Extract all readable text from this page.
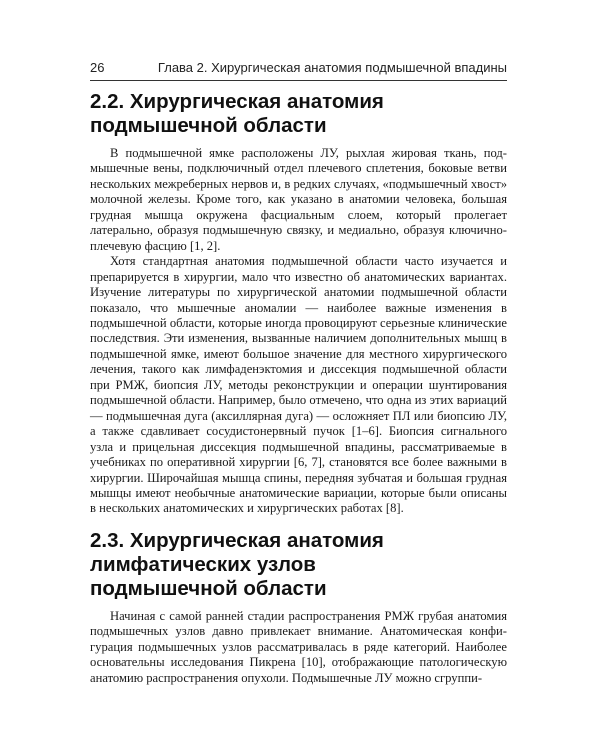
26	Глава 2. Хирургическая анатомия подмышечной впадины
2.2. Хирургическая анатомия
подмышечной области

В подмышечной ямке расположены ЛУ, рыхлая жировая ткань, подмышечные вены, подключичный отдел плечевого сплетения, боковые ветви нескольких межреберных нервов и, в редких случаях, «подмышечный хвост» молочной железы. Кроме того, как указано в анатомии человека, большая грудная мышца окружена фасциальным слоем, который пролегает латерально, образуя подмышечную связку, и медиально, образуя ключично-плечевую фасцию [1, 2].

Хотя стандартная анатомия подмышечной области часто изучается и препарируется в хирургии, мало что известно об анатомических вариантах. Изучение литературы по хирургической анатомии подмышечной области показало, что мышечные аномалии — наиболее важные изменения в подмышечной области, которые иногда провоцируют серьезные клинические последствия. Эти изменения, вызванные наличием дополнительных мышц в подмышечной ямке, имеют большое значение для местного хирургического лечения, такого как лимфаденэктомия и диссекция подмышечной области при РМЖ, биопсия ЛУ, методы реконструкции и операции шунтирования подмышечной области. Например, было отмечено, что одна из этих вариаций — подмышечная дуга (аксиллярная дуга) — осложняет ПЛ или биопсию ЛУ, а также сдавливает сосудистонервный пучок [1–6]. Биопсия сигнального узла и прицельная диссекция подмышечной впадины, рассматриваемые в учебниках по оперативной хирургии [6, 7], становятся все более важными в хирургии. Широчайшая мышца спины, передняя зубчатая и большая грудная мышцы имеют необычные анатомические вариации, которые были описаны в нескольких анатомических и хирургических работах [8].

2.3. Хирургическая анатомия
лимфатических узлов
подмышечной области

Начиная с самой ранней стадии распространения РМЖ грубая анатомия подмышечных узлов давно привлекает внимание. Анатомическая конфигурация подмышечных узлов рассматривалась в ряде категорий. Наиболее основательны исследования Пикрена [10], отображающие патологическую анатомию распространения опухоли. Подмышечные ЛУ можно сгруппи-
